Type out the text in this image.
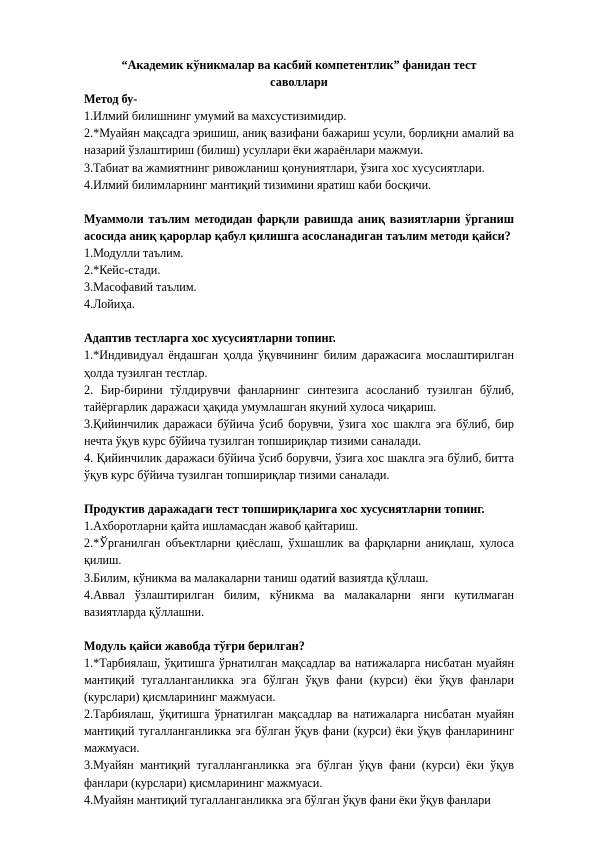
“Академик кўникмалар ва касбий компетентлик” фанидан тест саволлари

Метод бу-

1.Илмий билишнинг умумий ва махсустизимидир.

2.*Муайян мақсадга эришиш, аниқ вазифани бажариш усули, борлиқни амалий ва назарий ўзлаштириш (билиш) усуллари ёки жараёнлари мажмуи.

3.Табиат ва жамиятнинг ривожланиш қонуниятлари, ўзига хос хусусиятлари.

4.Илмий билимларнинг мантиқий тизимини яратиш каби босқичи.

Муаммоли таълим методидан фарқли равишда аниқ вазиятларни ўрганиш асосида аниқ қарорлар қабул қилишга асосланадиган таълим методи қайси?

1.Модулли таълим.

2.*Кейс-стади.

3.Масофавий таълим.

4.Лойиҳа.

Адаптив тестларга хос хусусиятларни топинг.

1.*Индивидуал ёндашган ҳолда ўқувчининг билим даражасига мослаштирилган ҳолда тузилган тестлар.

2. Бир-бирини тўлдирувчи фанларнинг синтезига асосланиб тузилган бўлиб, тайёргарлик даражаси ҳақида умумлашган якуний хулоса чиқариш.

3.Қийинчилик даражаси бўйича ўсиб борувчи, ўзига хос шаклга эга бўлиб, бир нечта ўқув курс бўйича тузилган топшириқлар тизими саналади.

4. Қийинчилик даражаси бўйича ўсиб борувчи, ўзига хос шаклга эга бўлиб, битта ўқув курс бўйича тузилган топшириқлар тизими саналади.

Продуктив даражадаги тест топшириқларига хос хусусиятларни топинг.

1.Ахборотларни қайта ишламасдан жавоб қайтариш.

2.*Ўрганилган объектларни қиёслаш, ўхшашлик ва фарқларни аниқлаш, хулоса қилиш.

3.Билим, кўникма ва малакаларни таниш одатий вазиятда қўллаш.

4.Аввал ўзлаштирилган билим, кўникма ва малакаларни янги кутилмаган вазиятларда қўллашни.

Модуль қайси жавобда тўғри берилган?

1.*Тарбиялаш, ўқитишга ўрнатилган мақсадлар ва натижаларга нисбатан муайян мантиқий тугалланганликка эга бўлган ўқув фани (курси) ёки ўқув фанлари (курслари) қисмларининг мажмуаси.

2.Тарбиялаш, ўқитишга ўрнатилган мақсадлар ва натижаларга нисбатан муайян мантиқий тугалланганликка эга бўлган ўқув фани (курси) ёки ўқув фанларининг мажмуаси.

3.Муайян мантиқий тугалланганликка эга бўлган ўқув фани (курси) ёки ўқув фанлари (курслари) қисмларининг мажмуаси.

4.Муайян мантиқий тугалланганликка эга бўлган ўқув фани ёки ўқув фанлари
